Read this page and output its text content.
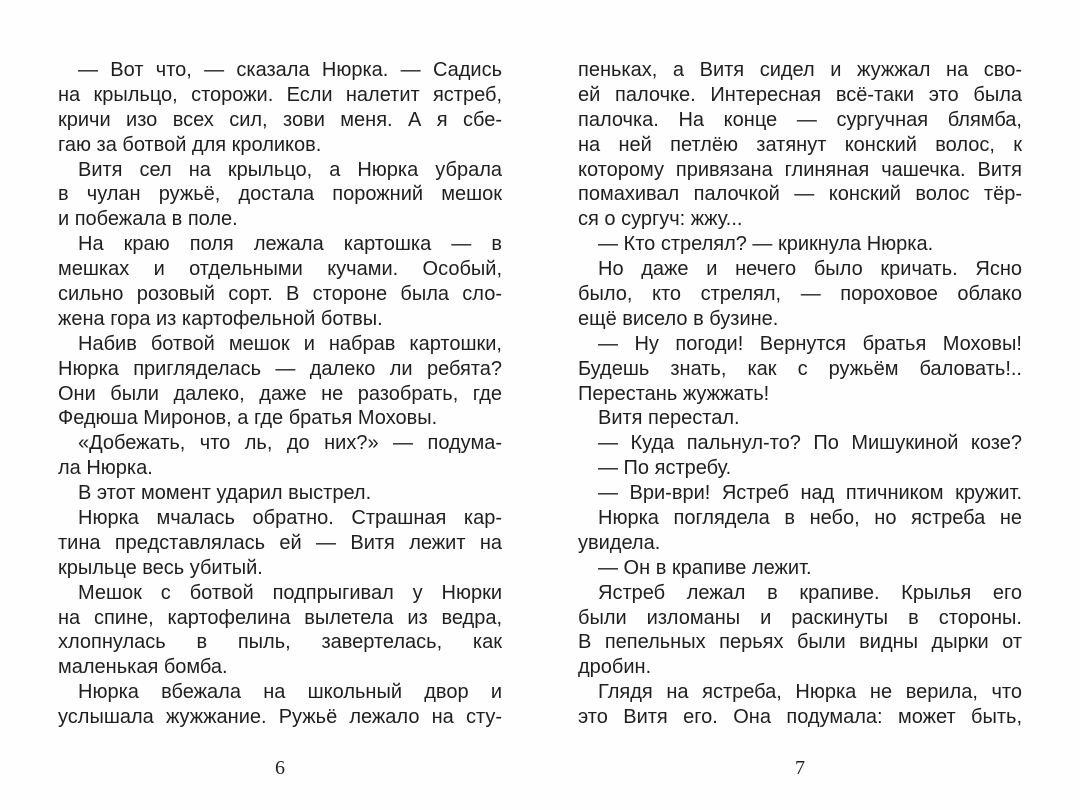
— Вот что, — сказала Нюрка. — Садись
на крыльцо, сторожи. Если налетит ястреб,
кричи изо всех сил, зови меня. А я сбе-
гаю за ботвой для кроликов.
Витя сел на крыльцо, а Нюрка убрала
в чулан ружьё, достала порожний мешок
и побежала в поле.
На краю поля лежала картошка — в
мешках и отдельными кучами. Особый,
сильно розовый сорт. В стороне была сло-
жена гора из картофельной ботвы.
Набив ботвой мешок и набрав картошки,
Нюрка пригляделась — далеко ли ребята?
Они были далеко, даже не разобрать, где
Федюша Миронов, а где братья Моховы.
«Добежать, что ль, до них?» — подума-
ла Нюрка.
В этот момент ударил выстрел.
Нюрка мчалась обратно. Страшная кар-
тина представлялась ей — Витя лежит на
крыльце весь убитый.
Мешок с ботвой подпрыгивал у Нюрки
на спине, картофелина вылетела из ведра,
хлопнулась в пыль, завертелась, как
маленькая бомба.
Нюрка вбежала на школьный двор и
услышала жужжание. Ружьё лежало на сту-
6
пеньках, а Витя сидел и жужжал на сво-
ей палочке. Интересная всё-таки это была
палочка. На конце — сургучная блямба,
на ней петлёю затянут конский волос, к
которому привязана глиняная чашечка. Витя
помахивал палочкой — конский волос тёр-
ся о сургуч: жжу...
— Кто стрелял? — крикнула Нюрка.
Но даже и нечего было кричать. Ясно
было, кто стрелял, — пороховое облако
ещё висело в бузине.
— Ну погоди! Вернутся братья Моховы!
Будешь знать, как с ружьём баловать!..
Перестань жужжать!
Витя перестал.
— Куда пальнул-то? По Мишукиной козе?
— По ястребу.
— Ври-ври! Ястреб над птичником кружит.
Нюрка поглядела в небо, но ястреба не
увидела.
— Он в крапиве лежит.
Ястреб лежал в крапиве. Крылья его
были изломаны и раскинуты в стороны.
В пепельных перьях были видны дырки от
дробин.
Глядя на ястреба, Нюрка не верила, что
это Витя его. Она подумала: может быть,
7
